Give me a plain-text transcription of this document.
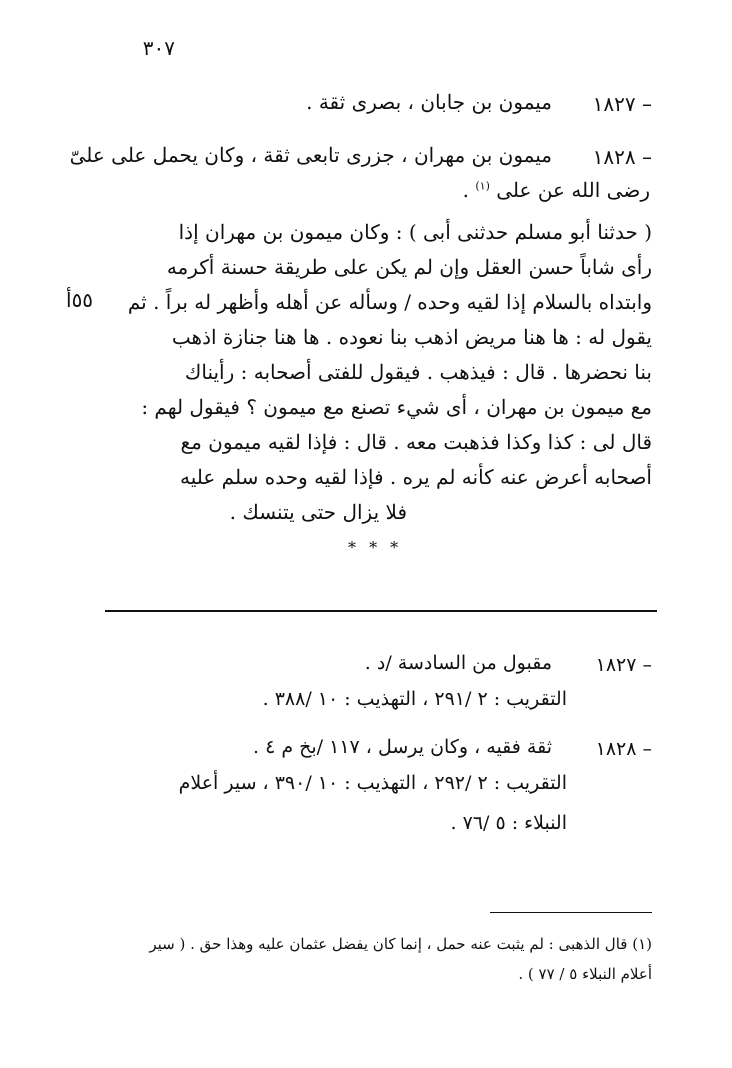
٣٠٧
١٨٢٧ –
ميمون بن جابان ، بصرى ثقة .
١٨٢٨ –
ميمون بن مهران ، جزرى تابعى ثقة ، وكان يحمل على علىّ
رضى الله عن على $^{(١)}$ .
( حدثنا أبو مسلم حدثنى أبى ) : وكان ميمون بن مهران إذا
رأى شاباً حسن العقل وإن لم يكن على طريقة حسنة أكرمه
وابتداه بالسلام إذا لقيه وحده / وسأله عن أهله وأظهر له براً . ثم
يقول له : ها هنا مريض اذهب بنا نعوده . ها هنا جنازة اذهب
بنا نحضرها . قال : فيذهب . فيقول للفتى أصحابه : رأيناك
مع ميمون بن مهران ، أى شيء تصنع مع ميمون ؟ فيقول لهم :
قال لى : كذا وكذا فذهبت معه . قال : فإذا لقيه ميمون مع
أصحابه أعرض عنه كأنه لم يره . فإذا لقيه وحده سلم عليه
فلا يزال حتى يتنسك .
٥٥أ
* * *
١٨٢٧ –
مقبول من السادسة /د .
التقريب : ٢ /٢٩١ ، التهذيب : ١٠ /٣٨٨ .
١٨٢٨ –
ثقة فقيه ، وكان يرسل ، ١١٧ /بخ م ٤ .
التقريب : ٢ /٢٩٢ ، التهذيب : ١٠ /٣٩٠ ، سير أعلام
النبلاء : ٥ /٧٦ .
(١) قال الذهبى : لم يثبت عنه حمل ، إنما كان يفضل عثمان عليه وهذا حق . ( سير
أعلام النبلاء ٥ / ٧٧ ) .
